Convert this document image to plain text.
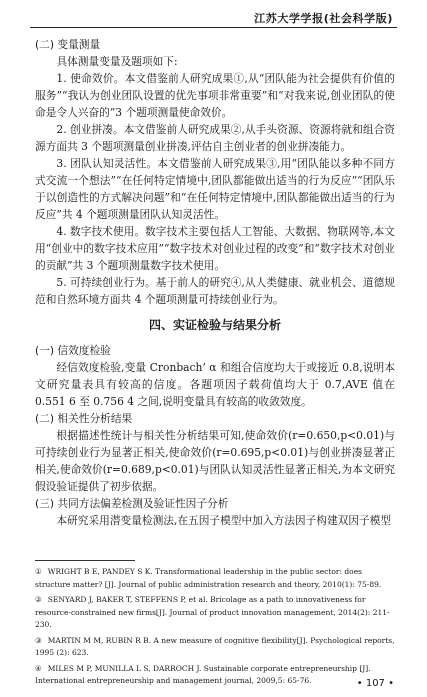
江苏大学学报(社会科学版)

(二) 变量测量

具体测量变量及题项如下:

1. 使命效价。本文借鉴前人研究成果①,从“团队能为社会提供有价值的服务”“我认为创业团队设置的优先事项非常重要”和“对我来说,创业团队的使命是令人兴奋的”3 个题项测量使命效价。

2. 创业拼凑。本文借鉴前人研究成果②,从手头资源、资源将就和组合资源方面共 3 个题项测量创业拼凑,评估自主创业者的创业拼凑能力。

3. 团队认知灵活性。本文借鉴前人研究成果③,用“团队能以多种不同方式交流一个想法”“在任何特定情境中,团队都能做出适当的行为反应”“团队乐于以创造性的方式解决问题”和“在任何特定情境中,团队都能做出适当的行为反应”共 4 个题项测量团队认知灵活性。

4. 数字技术使用。数字技术主要包括人工智能、大数据、物联网等,本文用“创业中的数字技术应用”“数字技术对创业过程的改变”和“数字技术对创业的贡献”共 3 个题项测量数字技术使用。

5. 可持续创业行为。基于前人的研究④,从人类健康、就业机会、道德规范和自然环境方面共 4 个题项测量可持续创业行为。

四、实证检验与结果分析

(一) 信效度检验

经信效度检验,变量 Cronbach’ α 和组合信度均大于或接近 0.8,说明本文研究量表具有较高的信度。各题项因子载荷值均大于 0.7,AVE 值在 0.551 6 至 0.756 4 之间,说明变量具有较高的收敛效度。

(二) 相关性分析结果

根据描述性统计与相关性分析结果可知,使命效价(r=0.650,p<0.01)与可持续创业行为显著正相关,使命效价(r=0.695,p<0.01)与创业拼凑显著正相关,使命效价(r=0.689,p<0.01)与团队认知灵活性显著正相关,为本文研究假设验证提供了初步依据。

(三) 共同方法偏差检测及验证性因子分析

本研究采用潜变量检测法,在五因子模型中加入方法因子构建双因子模型

① WRIGHT B E, PANDEY S K. Transformational leadership in the public sector: does structure matter? [J]. Journal of public administration research and theory, 2010(1): 75-89.

② SENYARD J, BAKER T, STEFFENS P, et al. Bricolage as a path to innovativeness for resource-constrained new firms[J]. Journal of product innovation management, 2014(2): 211-230.

③ MARTIN M M, RUBIN R B. A new measure of cognitive flexibility[J]. Psychological reports, 1995 (2): 623.

④ MILES M P, MUNILLA L S, DARROCH J. Sustainable corporate entrepreneurship [J]. International entrepreneurship and management journal, 2009,5: 65-76.	• 107 •
